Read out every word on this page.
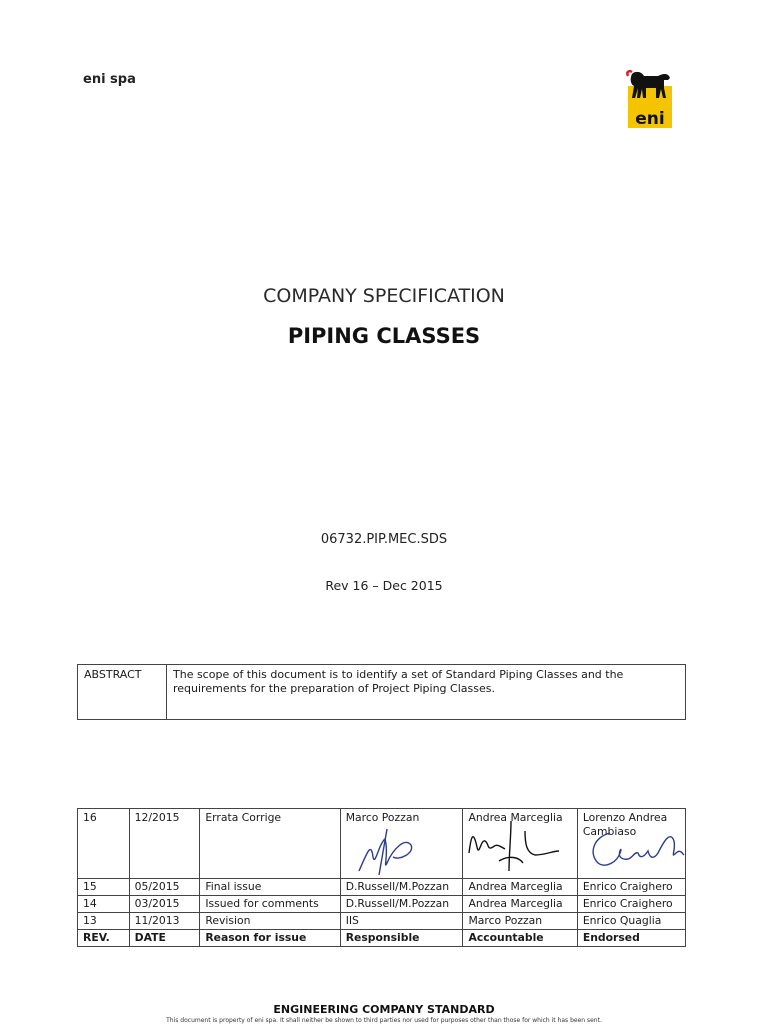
eni spa
eni
COMPANY SPECIFICATION
PIPING CLASSES
06732.PIP.MEC.SDS
Rev 16 – Dec 2015
ABSTRACT	The scope of this document is to identify a set of Standard Piping Classes and the requirements for the preparation of Project Piping Classes.
16	12/2015	Errata Corrige	Marco Pozzan	Andrea Marceglia	Lorenzo Andrea Cambiaso

15	05/2015	Final issue	D.Russell/M.Pozzan	Andrea Marceglia	Enrico Craighero
14	03/2015	Issued for comments	D.Russell/M.Pozzan	Andrea Marceglia	Enrico Craighero
13	11/2013	Revision	IIS	Marco Pozzan	Enrico Quaglia
REV.	DATE	Reason for issue	Responsible	Accountable	Endorsed
ENGINEERING COMPANY STANDARD
This document is property of eni spa. It shall neither be shown to third parties nor used for purposes other than those for which it has been sent.
